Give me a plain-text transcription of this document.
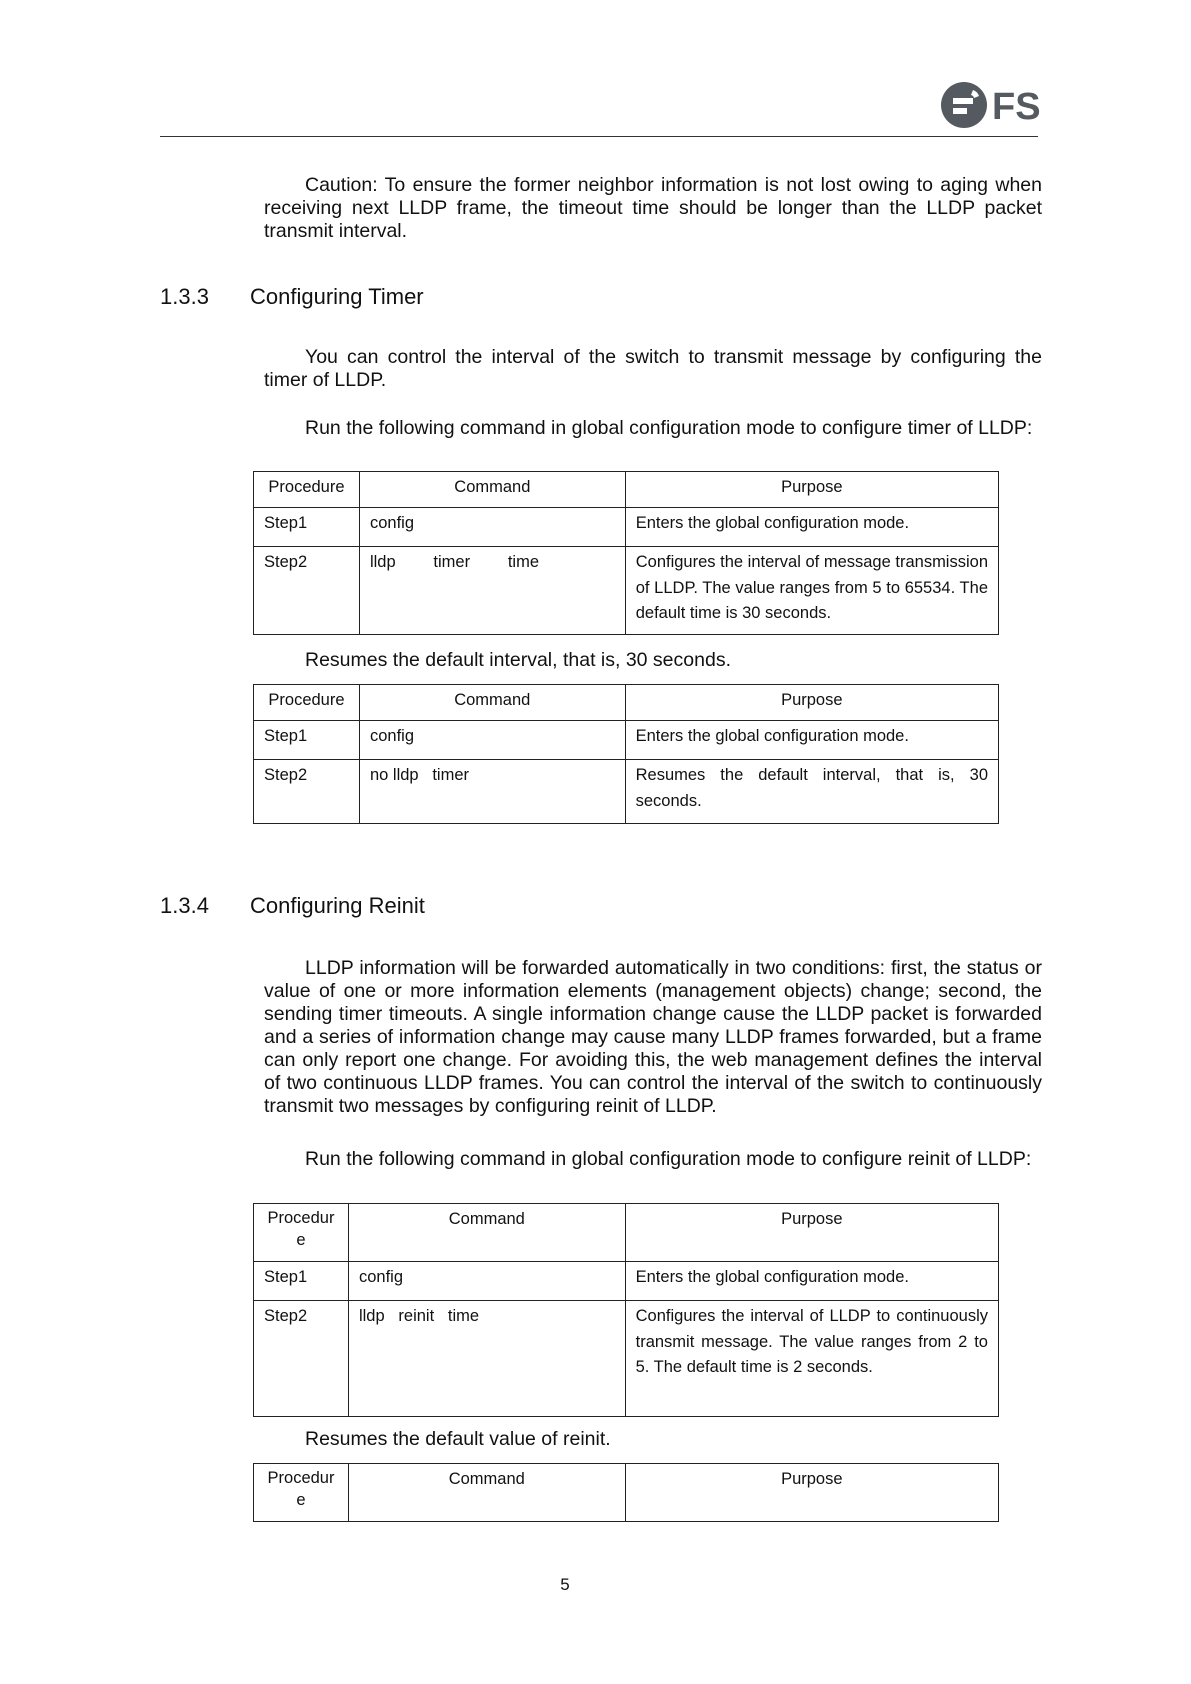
FS

Caution: To ensure the former neighbor information is not lost owing to aging when receiving next LLDP frame, the timeout time should be longer than the LLDP packet transmit interval.

1.3.3 Configuring Timer

You can control the interval of the switch to transmit message by configuring the timer of LLDP.

Run the following command in global configuration mode to configure timer of LLDP:

Procedure	Command	Purpose
Step1	config	Enters the global configuration mode.
Step2	lldp   timer   time	Configures the interval of message transmission of LLDP. The value ranges from 5 to 65534. The default time is 30 seconds.

Resumes the default interval, that is, 30 seconds.

Procedure	Command	Purpose
Step1	config	Enters the global configuration mode.
Step2	no lldp   timer	Resumes the default interval, that is, 30 seconds.
1.3.4 Configuring Reinit

LLDP information will be forwarded automatically in two conditions: first, the status or value of one or more information elements (management objects) change; second, the sending timer timeouts. A single information change cause the LLDP packet is forwarded and a series of information change may cause many LLDP frames forwarded, but a frame can only report one change. For avoiding this, the web management defines the interval of two continuous LLDP frames. You can control the interval of the switch to continuously transmit two messages by configuring reinit of LLDP.

Run the following command in global configuration mode to configure reinit of LLDP:

Procedur e	Command	Purpose
Step1	config	Enters the global configuration mode.
Step2	lldp   reinit   time	Configures the interval of LLDP to continuously transmit message. The value ranges from 2 to 5. The default time is 2 seconds.

Resumes the default value of reinit.

Procedur e	Command	Purpose
5
